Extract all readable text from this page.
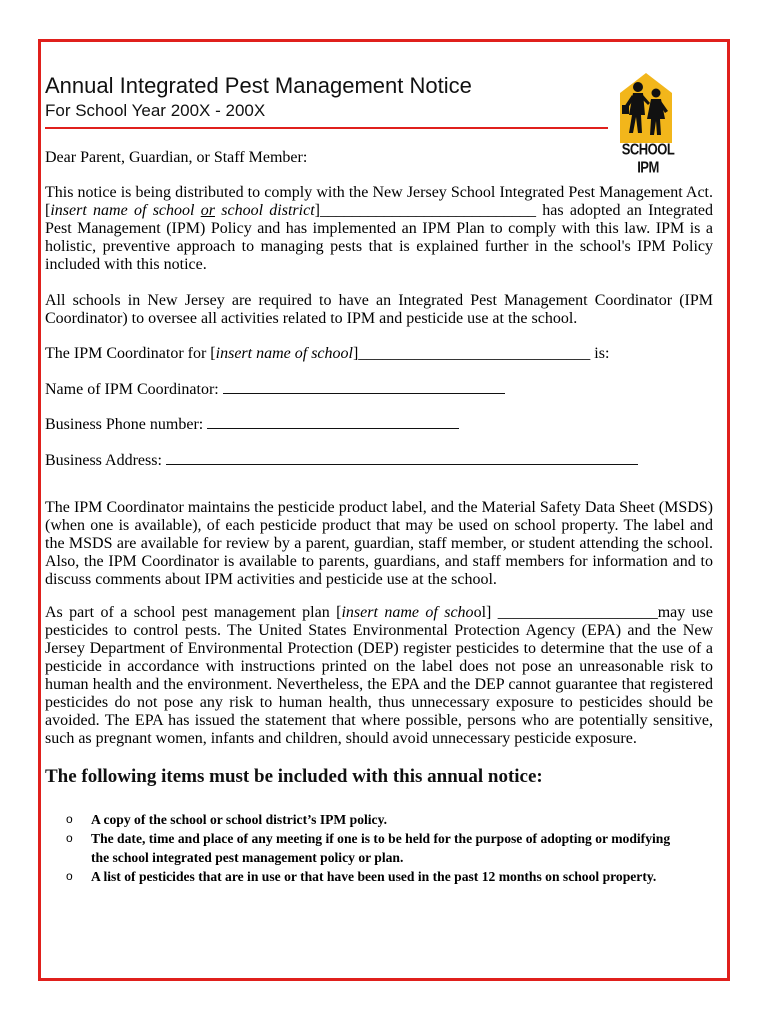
Annual Integrated Pest Management Notice
For School Year 200X - 200X
SCHOOL IPM

Dear Parent, Guardian, or Staff Member:

This notice is being distributed to comply with the New Jersey School Integrated Pest Management Act. [insert name of school or school district]___________________________ has adopted an Integrated Pest Management (IPM) Policy and has implemented an IPM Plan to comply with this law. IPM is a holistic, preventive approach to managing pests that is explained further in the school's IPM Policy included with this notice.

All schools in New Jersey are required to have an Integrated Pest Management Coordinator (IPM Coordinator) to oversee all activities related to IPM and pesticide use at the school.

The IPM Coordinator for [insert name of school]_____________________________ is:

Name of IPM Coordinator:
Business Phone number:
Business Address:

The IPM Coordinator maintains the pesticide product label, and the Material Safety Data Sheet (MSDS) (when one is available), of each pesticide product that may be used on school property. The label and the MSDS are available for review by a parent, guardian, staff member, or student attending the school. Also, the IPM Coordinator is available to parents, guardians, and staff members for information and to discuss comments about IPM activities and pesticide use at the school.

As part of a school pest management plan [insert name of school] ____________________may use pesticides to control pests. The United States Environmental Protection Agency (EPA) and the New Jersey Department of Environmental Protection (DEP) register pesticides to determine that the use of a pesticide in accordance with instructions printed on the label does not pose an unreasonable risk to human health and the environment. Nevertheless, the EPA and the DEP cannot guarantee that registered pesticides do not pose any risk to human health, thus unnecessary exposure to pesticides should be avoided. The EPA has issued the statement that where possible, persons who are potentially sensitive, such as pregnant women, infants and children, should avoid unnecessary pesticide exposure.

The following items must be included with this annual notice:
o A copy of the school or school district’s IPM policy.
o The date, time and place of any meeting if one is to be held for the purpose of adopting or modifying the school integrated pest management policy or plan.
o A list of pesticides that are in use or that have been used in the past 12 months on school property.
